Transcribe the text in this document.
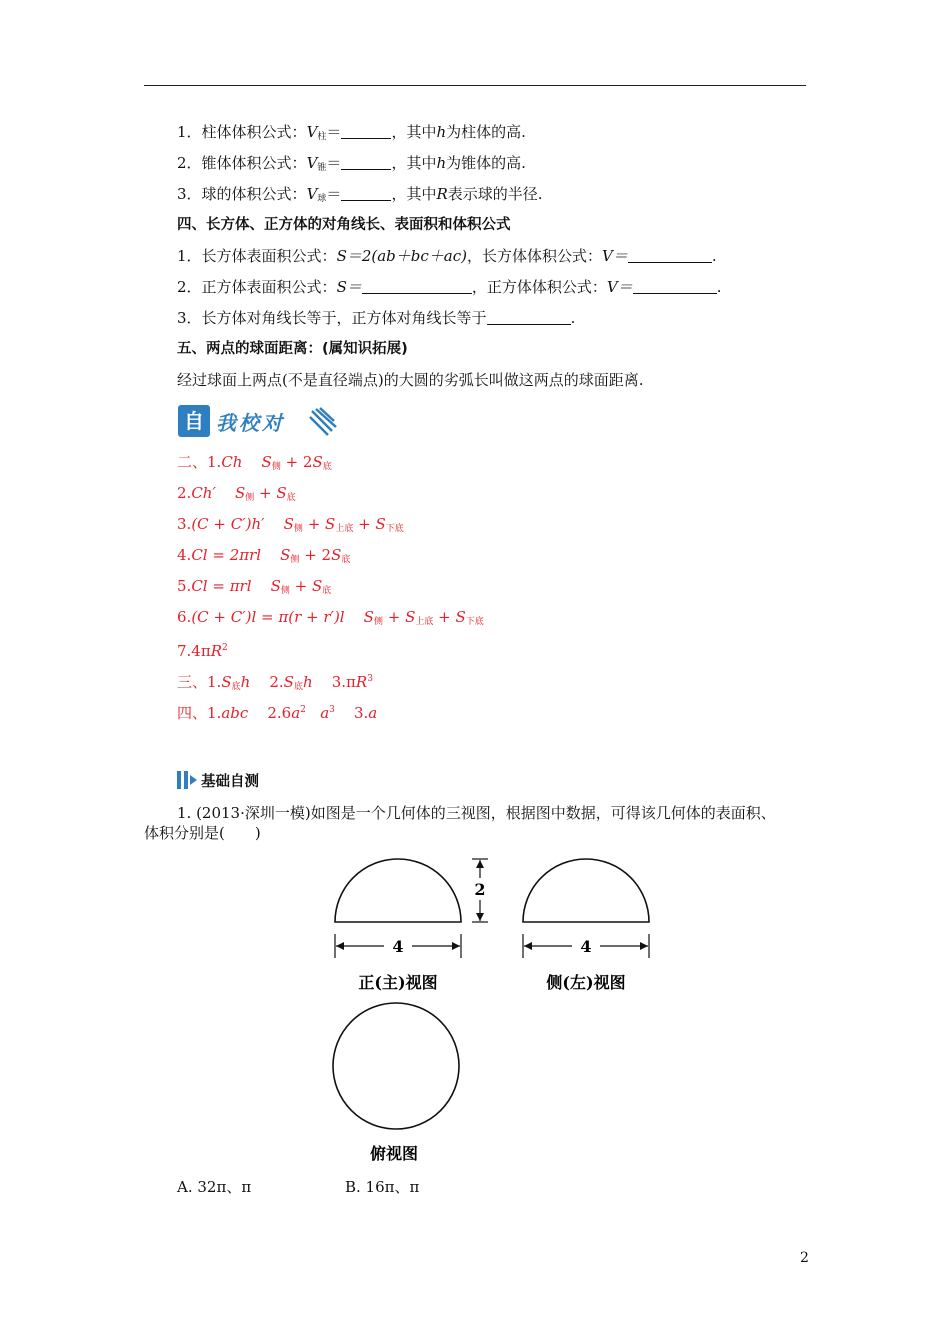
1．柱体体积公式：$V_柱=$	，其中h为柱体的高.
2．锥体体积公式：$V_锥=$	，其中h为锥体的高.
3．球的体积公式：$V_球=$	，其中R表示球的半径.
四、长方体、正方体的对角线长、表面积和体积公式
1．长方体表面积公式：S＝2(ab＋bc＋ac)，长方体体积公式：V＝	.
2．正方体表面积公式：S＝	，正方体体积公式：V＝	.
3．长方体对角线长等于，正方体对角线长等于	.
五、两点的球面距离：(属知识拓展)
经过球面上两点(不是直径端点)的大圆的劣弧长叫做这两点的球面距离.
自 我校对
二、1.Ch $S_侧 + 2S_底$
2.Ch′ $S_侧 + S_底$
3.(C + C′)h′ $S_侧 + S_{上底} + S_{下底}$
4.Cl = 2πrl $S_侧 + 2S_底$
5.Cl = πrl $S_侧 + S_底$
6.(C + C′)l = π(r + r′)l $S_侧 + S_{上底} + S_{下底}$
$7.4\pi R^2$
三、$1.S_底h$ $2.S_底h$ $3.\pi R^3$
四、1.abc $2.6a^2$ $a^3$ 3.a
基础自测
1. (2013·深圳一模)如图是一个几何体的三视图，根据图中数据，可得该几何体的表面积、
体积分别是(　　)
2
4
正(主)视图
4
侧(左)视图
俯视图
A. 32π、π	B. 16π、π
2
